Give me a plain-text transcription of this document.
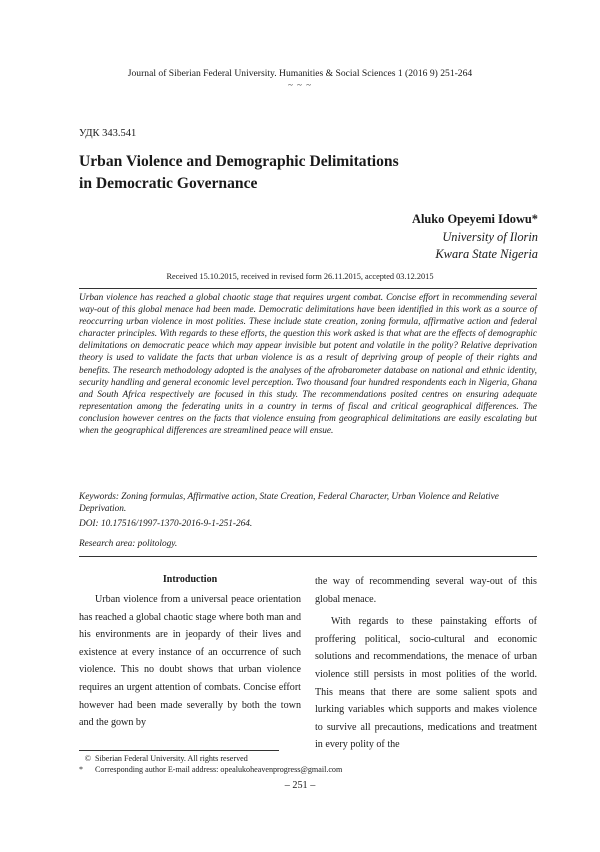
Journal of Siberian Federal University. Humanities & Social Sciences 1 (2016 9) 251-264
~ ~ ~
УДК 343.541
Urban Violence and Demographic Delimitations
in Democratic Governance
Aluko Opeyemi Idowu*
University of Ilorin
Kwara State Nigeria
Received 15.10.2015, received in revised form 26.11.2015, accepted 03.12.2015

Urban violence has reached a global chaotic stage that requires urgent combat. Concise effort in recommending several way-out of this global menace had been made. Democratic delimitations have been identified in this work as a source of reoccurring urban violence in most polities. These include state creation, zoning formula, affirmative action and federal character principles. With regards to these efforts, the question this work asked is that what are the effects of demographic delimitations on democratic peace which may appear invisible but potent and volatile in the polity? Relative deprivation theory is used to validate the facts that urban violence is as a result of depriving group of people of their rights and benefits. The research methodology adopted is the analyses of the afrobarometer database on national and ethnic identity, security handling and general economic level perception. Two thousand four hundred respondents each in Nigeria, Ghana and South Africa respectively are focused in this study. The recommendations posited centres on ensuring adequate representation among the federating units in a country in terms of fiscal and critical geographical differences. The conclusion however centres on the facts that violence ensuing from geographical delimitations are easily escalating but when the geographical differences are streamlined peace will ensue.

Keywords: Zoning formulas, Affirmative action, State Creation, Federal Character, Urban Violence and Relative Deprivation.

DOI: 10.17516/1997-1370-2016-9-1-251-264.
Research area: politology.
Introduction

Urban violence from a universal peace orientation has reached a global chaotic stage where both man and his environments are in jeopardy of their lives and existence at every instance of an occurrence of such violence. This no doubt shows that urban violence requires an urgent attention of combats. Concise effort however had been made severally by both the town and the gown by

the way of recommending several way-out of this global menace.

With regards to these painstaking efforts of proffering political, socio-cultural and economic solutions and recommendations, the menace of urban violence still persists in most polities of the world. This means that there are some salient spots and lurking variables which supports and makes violence to survive all precautions, medications and treatment in every polity of the

© Siberian Federal University. All rights reserved
* Corresponding author E-mail address: opealukoheavenprogress@gmail.com
– 251 –
